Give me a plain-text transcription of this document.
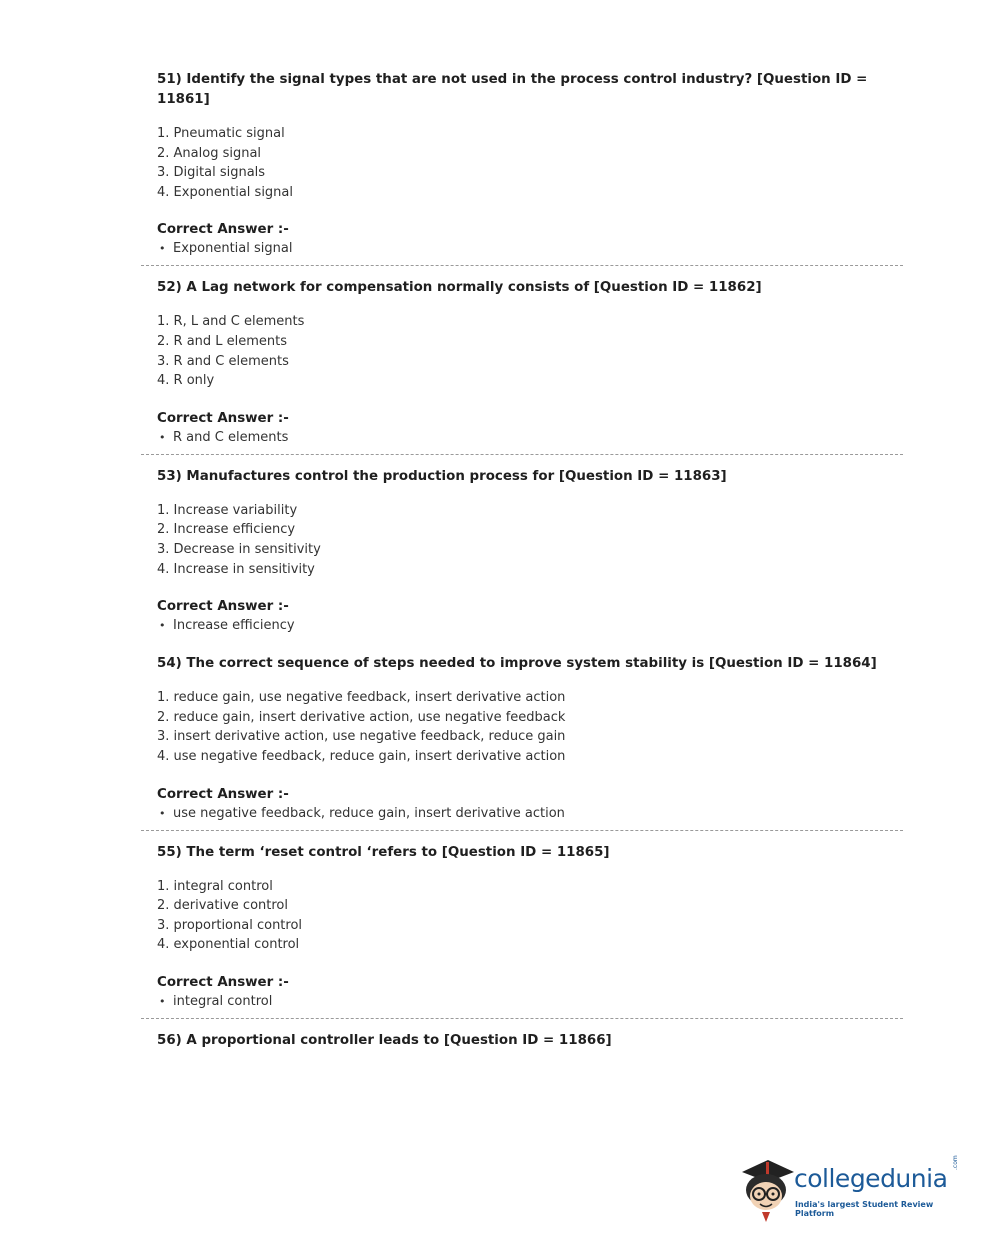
51) Identify the signal types that are not used in the process control industry? [Question ID = 11861]

1. Pneumatic signal
2. Analog signal
3. Digital signals
4. Exponential signal
Correct Answer :-
• Exponential signal

52) A Lag network for compensation normally consists of [Question ID = 11862]

1. R, L and C elements
2. R and L elements
3. R and C elements
4. R only
Correct Answer :-
• R and C elements

53) Manufactures control the production process for [Question ID = 11863]

1. Increase variability
2. Increase efficiency
3. Decrease in sensitivity
4. Increase in sensitivity
Correct Answer :-
• Increase efficiency

54) The correct sequence of steps needed to improve system stability is [Question ID = 11864]

1. reduce gain, use negative feedback, insert derivative action
2. reduce gain, insert derivative action, use negative feedback
3. insert derivative action, use negative feedback, reduce gain
4. use negative feedback, reduce gain, insert derivative action
Correct Answer :-
• use negative feedback, reduce gain, insert derivative action

55) The term ‘reset control ‘refers to [Question ID = 11865]

1. integral control
2. derivative control
3. proportional control
4. exponential control
Correct Answer :-
• integral control

56) A proportional controller leads to [Question ID = 11866]

collegedunia
.com
India's largest Student Review Platform
